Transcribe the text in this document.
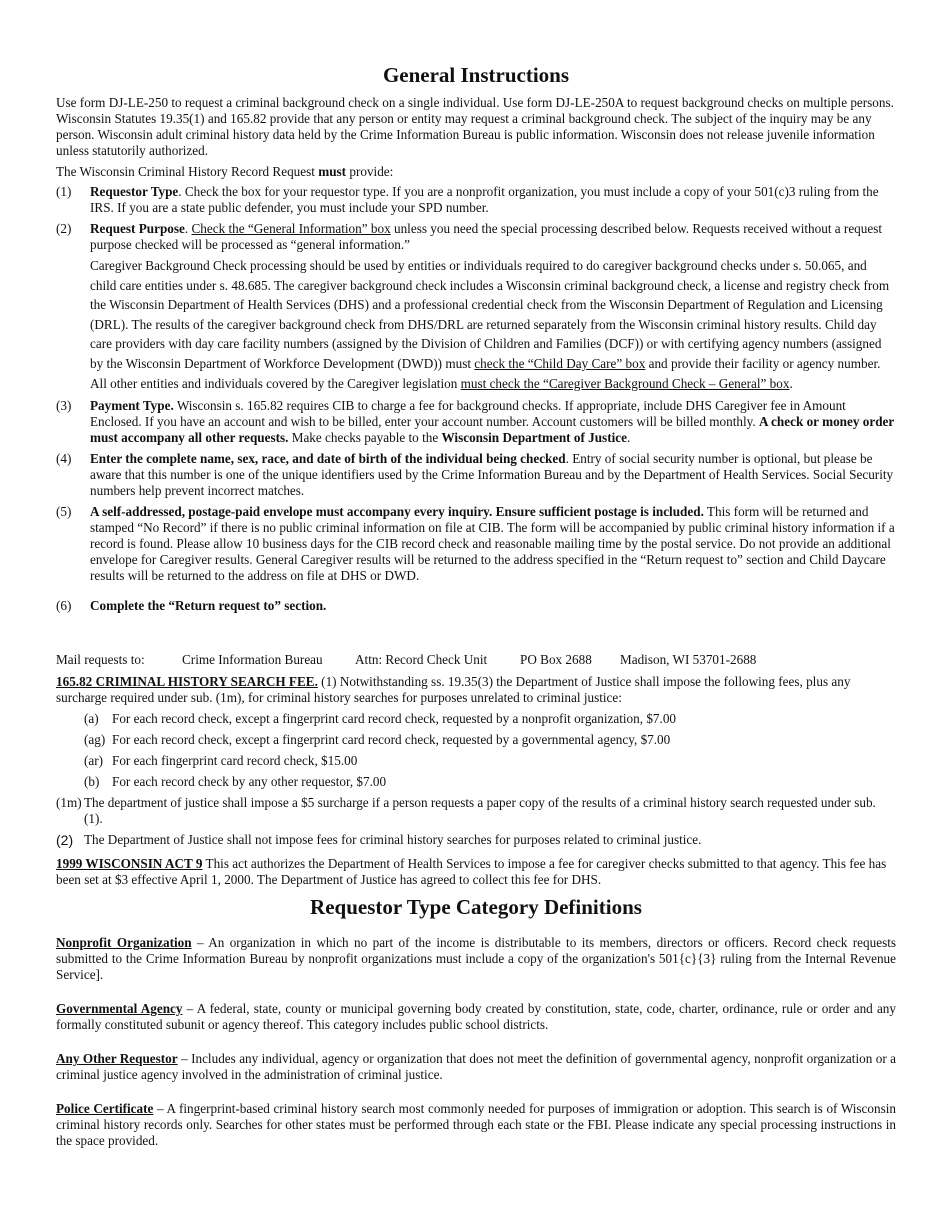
General Instructions

Use form DJ-LE-250 to request a criminal background check on a single individual. Use form DJ-LE-250A to request background checks on multiple persons. Wisconsin Statutes 19.35(1) and 165.82 provide that any person or entity may request a criminal background check. The subject of the inquiry may be any person. Wisconsin adult criminal history data held by the Crime Information Bureau is public information. Wisconsin does not release juvenile information unless statutorily authorized.

The Wisconsin Criminal History Record Request must provide:

(1) Requestor Type. Check the box for your requestor type. If you are a nonprofit organization, you must include a copy of your 501(c)3 ruling from the IRS. If you are a state public defender, you must include your SPD number.
(2) Request Purpose. Check the “General Information” box unless you need the special processing described below. Requests received without a request purpose checked will be processed as “general information.”
Caregiver Background Check processing should be used by entities or individuals required to do caregiver background checks under s. 50.065, and child care entities under s. 48.685. The caregiver background check includes a Wisconsin criminal background check, a license and registry check from the Wisconsin Department of Health Services (DHS) and a professional credential check from the Wisconsin Department of Regulation and Licensing (DRL). The results of the caregiver background check from DHS/DRL are returned separately from the Wisconsin criminal history results. Child day care providers with day care facility numbers (assigned by the Division of Children and Families (DCF)) or with certifying agency numbers (assigned by the Wisconsin Department of Workforce Development (DWD)) must check the “Child Day Care” box and provide their facility or agency number. All other entities and individuals covered by the Caregiver legislation must check the “Caregiver Background Check – General” box.
(3) Payment Type. Wisconsin s. 165.82 requires CIB to charge a fee for background checks. If appropriate, include DHS Caregiver fee in Amount Enclosed. If you have an account and wish to be billed, enter your account number. Account customers will be billed monthly. A check or money order must accompany all other requests. Make checks payable to the Wisconsin Department of Justice.
(4) Enter the complete name, sex, race, and date of birth of the individual being checked. Entry of social security number is optional, but please be aware that this number is one of the unique identifiers used by the Crime Information Bureau and by the Department of Health Services. Social Security numbers help prevent incorrect matches.
(5) A self-addressed, postage-paid envelope must accompany every inquiry. Ensure sufficient postage is included. This form will be returned and stamped “No Record” if there is no public criminal information on file at CIB. The form will be accompanied by public criminal history information if a record is found. Please allow 10 business days for the CIB record check and reasonable mailing time by the postal service. Do not provide an additional envelope for Caregiver results. General Caregiver results will be returned to the address specified in the “Return request to” section and Child Daycare results will be returned to the address on file at DHS or DWD.
(6) Complete the “Return request to” section.
Mail requests to:	Crime Information Bureau	Attn: Record Check Unit	PO Box 2688	Madison, WI 53701-2688

165.82 CRIMINAL HISTORY SEARCH FEE. (1) Notwithstanding ss. 19.35(3) the Department of Justice shall impose the following fees, plus any surcharge required under sub. (1m), for criminal history searches for purposes unrelated to criminal justice:

(a) For each record check, except a fingerprint card record check, requested by a nonprofit organization, $7.00
(ag) For each record check, except a fingerprint card record check, requested by a governmental agency, $7.00
(ar) For each fingerprint card record check, $15.00
(b) For each record check by any other requestor, $7.00
(1m) The department of justice shall impose a $5 surcharge if a person requests a paper copy of the results of a criminal history search requested under sub. (1).
(2) The Department of Justice shall not impose fees for criminal history searches for purposes related to criminal justice.

1999 WISCONSIN ACT 9 This act authorizes the Department of Health Services to impose a fee for caregiver checks submitted to that agency. This fee has been set at $3 effective April 1, 2000. The Department of Justice has agreed to collect this fee for DHS.

Requestor Type Category Definitions

Nonprofit Organization – An organization in which no part of the income is distributable to its members, directors or officers. Record check requests submitted to the Crime Information Bureau by nonprofit organizations must include a copy of the organization's 501{c}{3} ruling from the Internal Revenue Service].

Governmental Agency – A federal, state, county or municipal governing body created by constitution, state, code, charter, ordinance, rule or order and any formally constituted subunit or agency thereof. This category includes public school districts.

Any Other Requestor – Includes any individual, agency or organization that does not meet the definition of governmental agency, nonprofit organization or a criminal justice agency involved in the administration of criminal justice.

Police Certificate – A fingerprint-based criminal history search most commonly needed for purposes of immigration or adoption. This search is of Wisconsin criminal history records only. Searches for other states must be performed through each state or the FBI. Please indicate any special processing instructions in the space provided.
